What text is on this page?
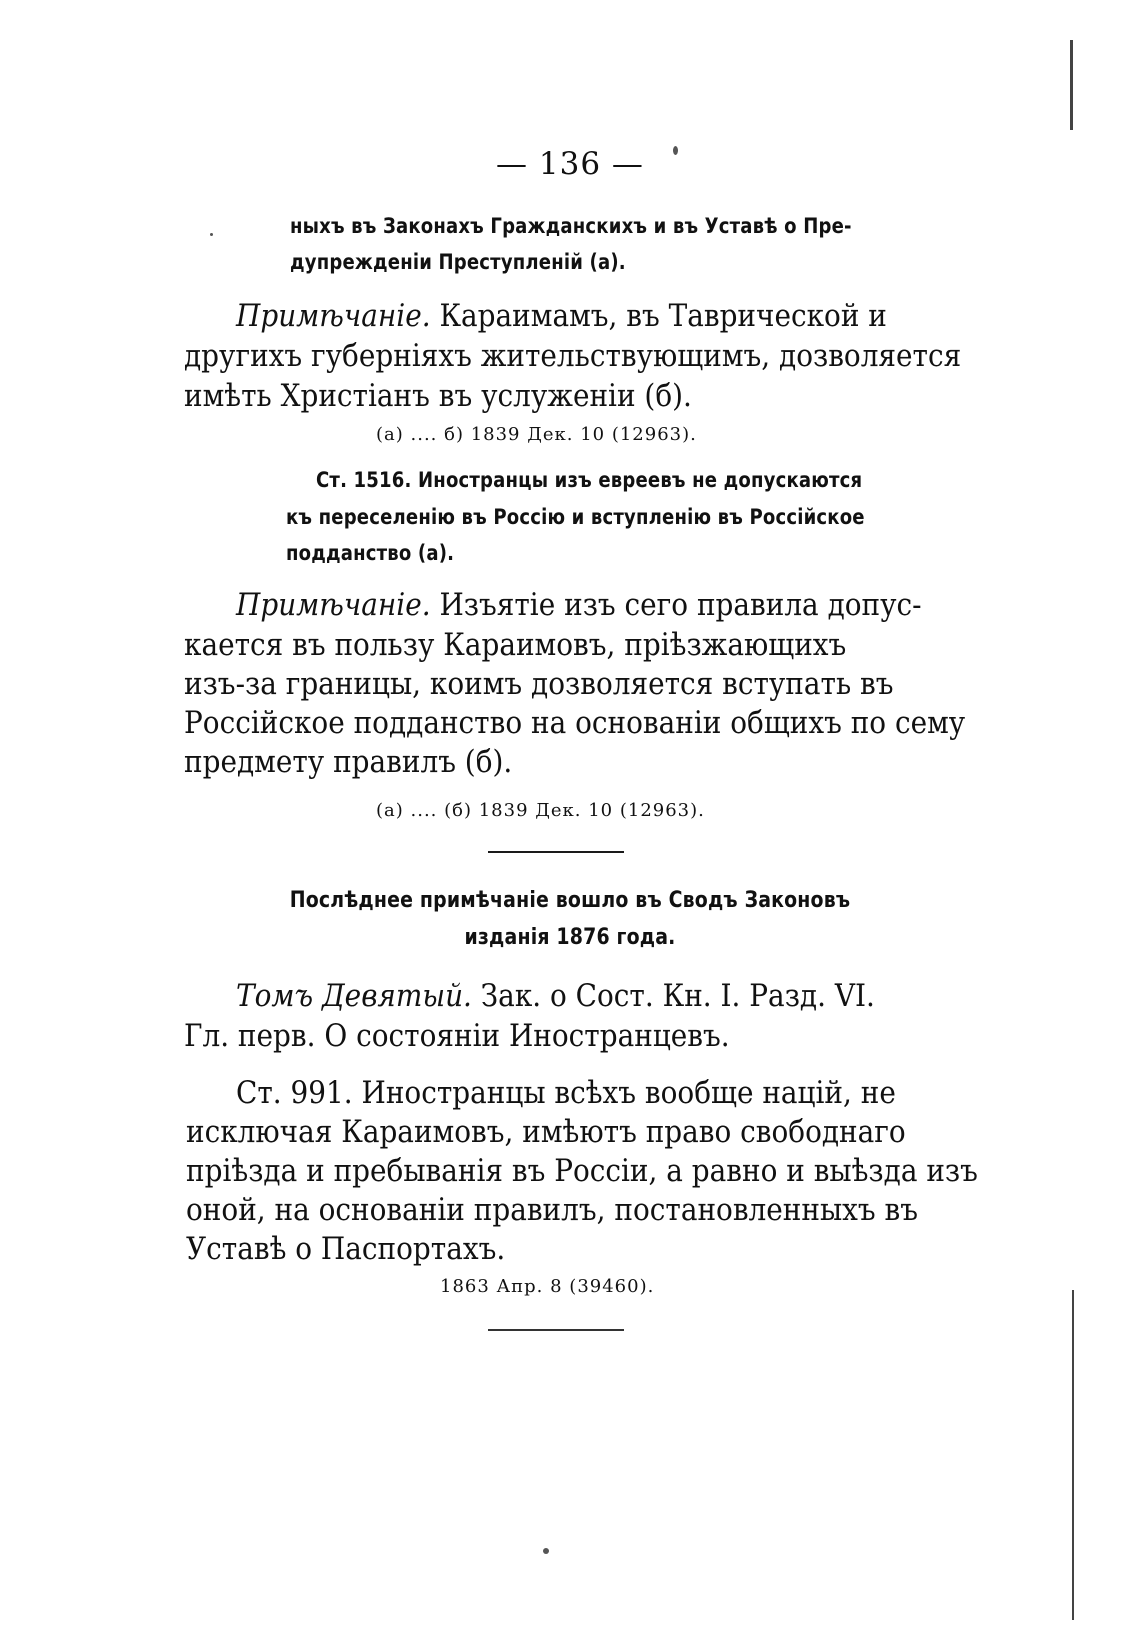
— 136 —
ныхъ въ Законахъ Гражданскихъ и въ Уставѣ о Пре-
дупрежденіи Преступленій (а).
Примѣчаніе. Караимамъ, въ Таврической и
другихъ губерніяхъ жительствующимъ, дозволяется
имѣть Христіанъ въ услуженіи (б).
(а) .... б) 1839 Дек. 10 (12963).
Ст. 1516. Иностранцы изъ евреевъ не допускаются
къ переселенію въ Россію и вступленію въ Россійское
подданство (а).
Примѣчаніе. Изъятіе изъ сего правила допус-
кается въ пользу Караимовъ, пріѣзжающихъ
изъ-за границы, коимъ дозволяется вступать въ
Россійское подданство на основаніи общихъ по сему
предмету правилъ (б).
(а) .... (б) 1839 Дек. 10 (12963).
Послѣднее примѣчаніе вошло въ Сводъ Законовъ
изданія 1876 года.
Томъ Девятый. Зак. о Сост. Кн. I. Разд. VI.
Гл. перв. О состояніи Иностранцевъ.
Ст. 991. Иностранцы всѣхъ вообще націй, не
исключая Караимовъ, имѣютъ право свободнаго
пріѣзда и пребыванія въ Россіи, а равно и выѣзда изъ
оной, на основаніи правилъ, постановленныхъ въ
Уставѣ о Паспортахъ.
1863 Апр. 8 (39460).
